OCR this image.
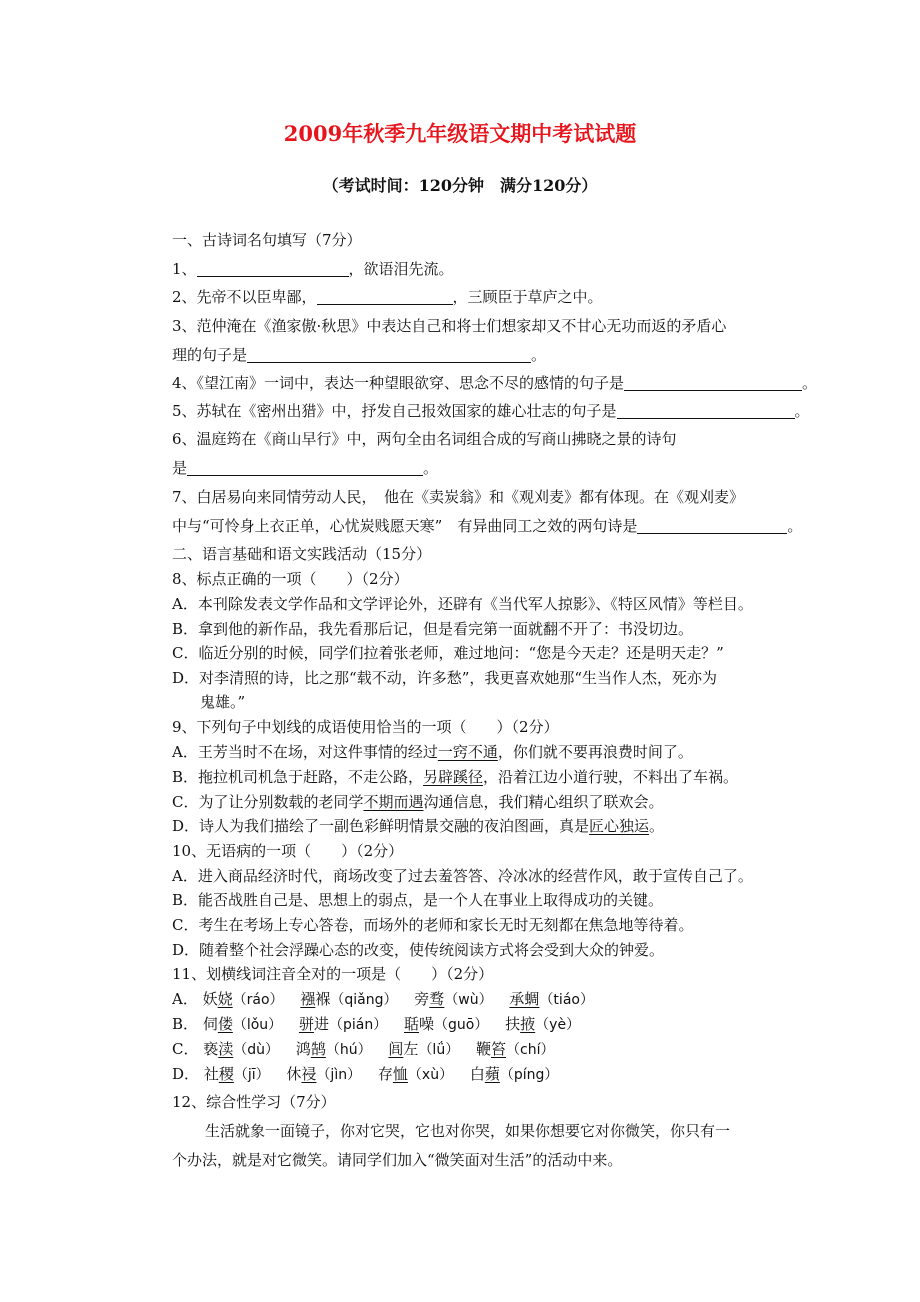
2009年秋季九年级语文期中考试试题
（考试时间：120分钟　满分120分）
一、古诗词名句填写（7分）
1、	，欲语泪先流。
2、先帝不以臣卑鄙，	，三顾臣于草庐之中。
3、范仲淹在《渔家傲·秋思》中表达自己和将士们想家却又不甘心无功而返的矛盾心
理的句子是	。
4、《望江南》一词中，表达一种望眼欲穿、思念不尽的感情的句子是	。
5、苏轼在《密州出猎》中，抒发自己报效国家的雄心壮志的句子是	。
6、温庭筠在《商山早行》中，两句全由名词组合成的写商山拂晓之景的诗句
是	。
7、白居易向来同情劳动人民，　他在《卖炭翁》和《观刈麦》都有体现。在《观刈麦》
中与“可怜身上衣正单，心忧炭贱愿天寒”　有异曲同工之效的两句诗是	。
二、语言基础和语文实践活动（15分）
8、标点正确的一项（　　）（2分）
A．本刊除发表文学作品和文学评论外，还辟有《当代军人掠影》、《特区风情》等栏目。
B．拿到他的新作品，我先看那后记，但是看完第一面就翻不开了：书没切边。
C．临近分别的时候，同学们拉着张老师，难过地问：“您是今天走？还是明天走？”
D．对李清照的诗，比之那“载不动，许多愁”，我更喜欢她那“生当作人杰，死亦为
鬼雄。”
9、下列句子中划线的成语使用恰当的一项（　　）（2分）
A．王芳当时不在场，对这件事情的经过一窍不通，你们就不要再浪费时间了。
B．拖拉机司机急于赶路，不走公路，另辟蹊径，沿着江边小道行驶，不料出了车祸。
C．为了让分别数载的老同学不期而遇沟通信息，我们精心组织了联欢会。
D．诗人为我们描绘了一副色彩鲜明情景交融的夜泊图画，真是匠心独运。
10、无语病的一项（　　）（2分）
A．进入商品经济时代，商场改变了过去羞答答、冷冰冰的经营作风，敢于宣传自己了。
B．能否战胜自己是、思想上的弱点，是一个人在事业上取得成功的关键。
C．考生在考场上专心答卷，而场外的老师和家长无时无刻都在焦急地等待着。
D．随着整个社会浮躁心态的改变，使传统阅读方式将会受到大众的钟爱。
11、划横线词注音全对的一项是（　　）（2分）
A． 妖娆（ráo） 襁褓（qiǎng） 旁骛（wù） 承蜩（tiáo）
B． 伺偻（lǒu） 骈进（pián） 聒噪（guō） 扶掖（yè）
C． 亵渎（dù） 鸿鹄（hú） 闾左（lǘ） 鞭笞（chí）
D． 社稷（jī） 休祲（jìn） 存恤（xù） 白蘋（píng）
12、综合性学习（7分）
生活就象一面镜子，你对它哭，它也对你哭，如果你想要它对你微笑，你只有一
个办法，就是对它微笑。请同学们加入“微笑面对生活”的活动中来。
